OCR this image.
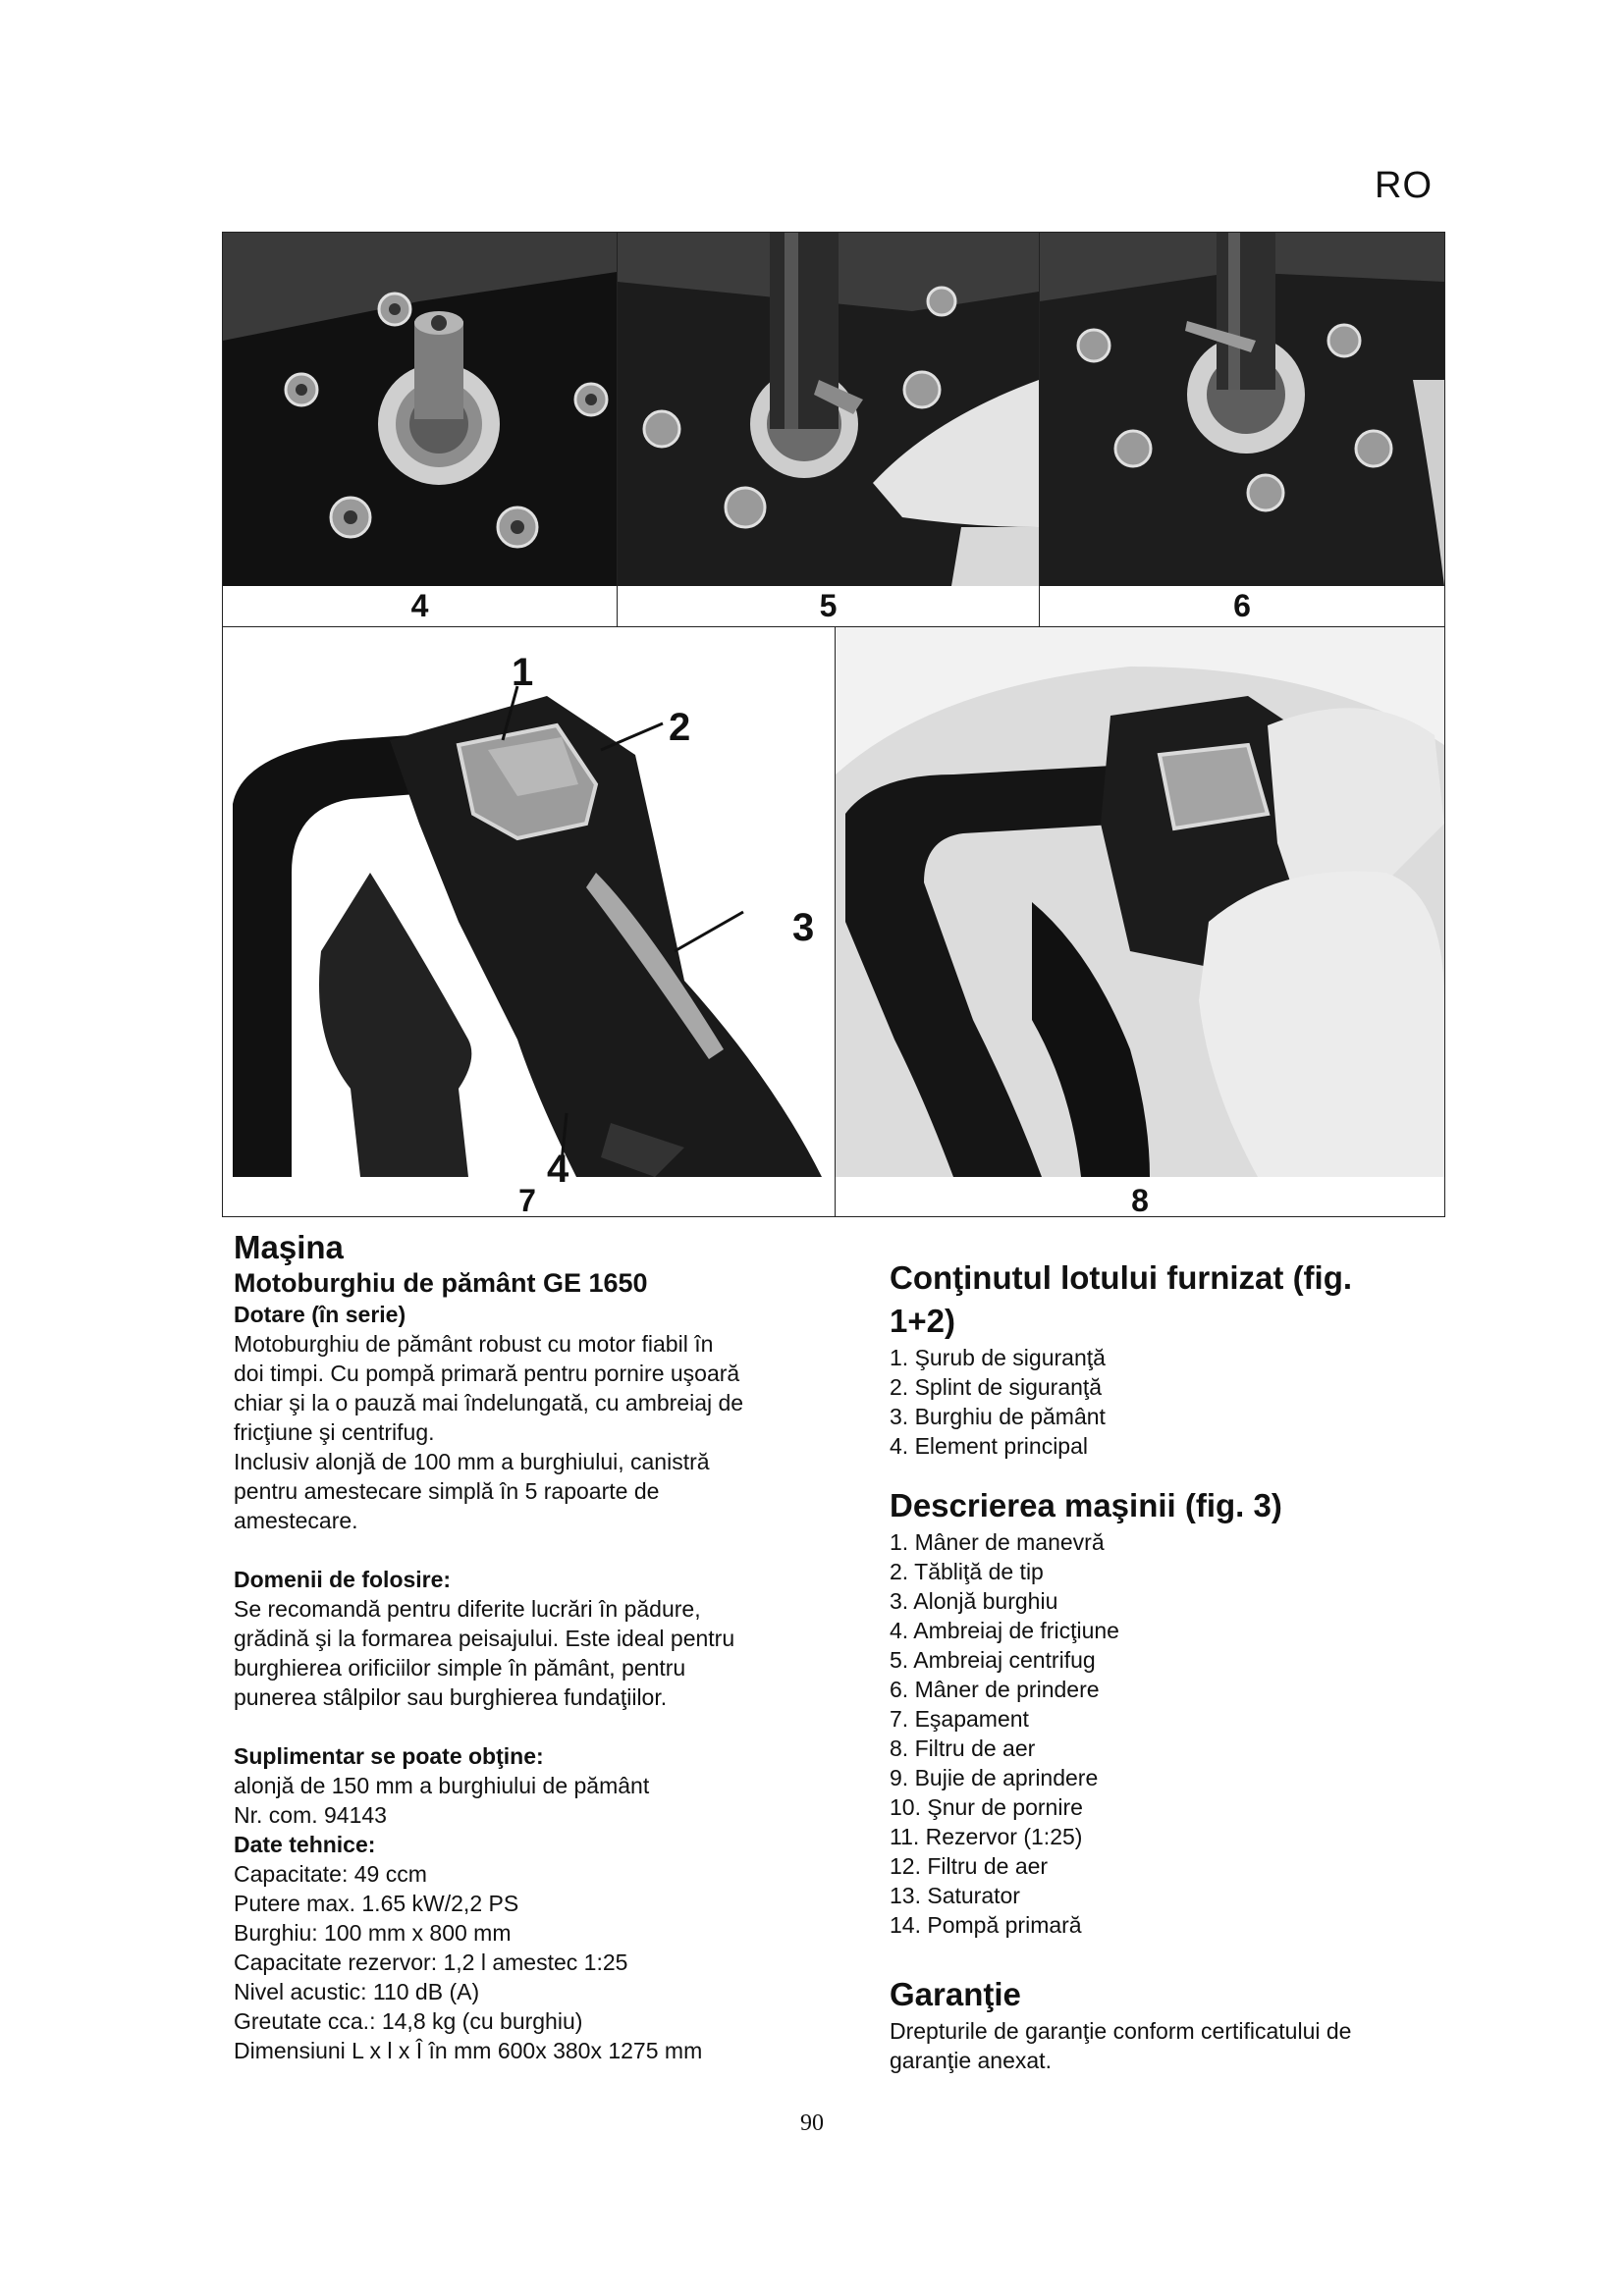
RO
4	5	6
1
2
3
4
7	8
Maşina
Motoburghiu de pământ GE 1650
Dotare (în serie)
Motoburghiu de pământ robust cu motor fiabil în
doi timpi. Cu pompă primară pentru pornire uşoară
chiar şi la o pauză mai îndelungată, cu ambreiaj de
fricţiune şi centrifug.
Inclusiv alonjă de 100 mm a burghiului, canistră
pentru amestecare simplă în 5 rapoarte de
amestecare.
Domenii de folosire:
Se recomandă pentru diferite lucrări în pădure,
grădină şi la formarea peisajului. Este ideal pentru
burghierea orificiilor simple în pământ, pentru
punerea stâlpilor sau burghierea fundaţiilor.
Suplimentar se poate obţine:
alonjă de 150 mm a burghiului de pământ
Nr. com. 94143
Date tehnice:
Capacitate: 49 ccm
Putere max. 1.65 kW/2,2 PS
Burghiu: 100 mm x 800 mm
Capacitate rezervor: 1,2 l amestec 1:25
Nivel acustic: 110 dB (A)
Greutate cca.: 14,8 kg (cu burghiu)
Dimensiuni L x l x Î în mm 600x 380x 1275 mm
Conţinutul lotului furnizat (fig.
1+2)
1. Şurub de siguranţă
2. Splint de siguranţă
3. Burghiu de pământ
4. Element principal
Descrierea maşinii (fig. 3)
1. Mâner de manevră
2. Tăbliţă de tip
3. Alonjă burghiu
4. Ambreiaj de fricţiune
5. Ambreiaj centrifug
6. Mâner de prindere
7. Eşapament
8. Filtru de aer
9. Bujie de aprindere
10. Şnur de pornire
11. Rezervor (1:25)
12. Filtru de aer
13. Saturator
14. Pompă primară
Garanţie
Drepturile de garanţie conform certificatului de
garanţie anexat.
90
